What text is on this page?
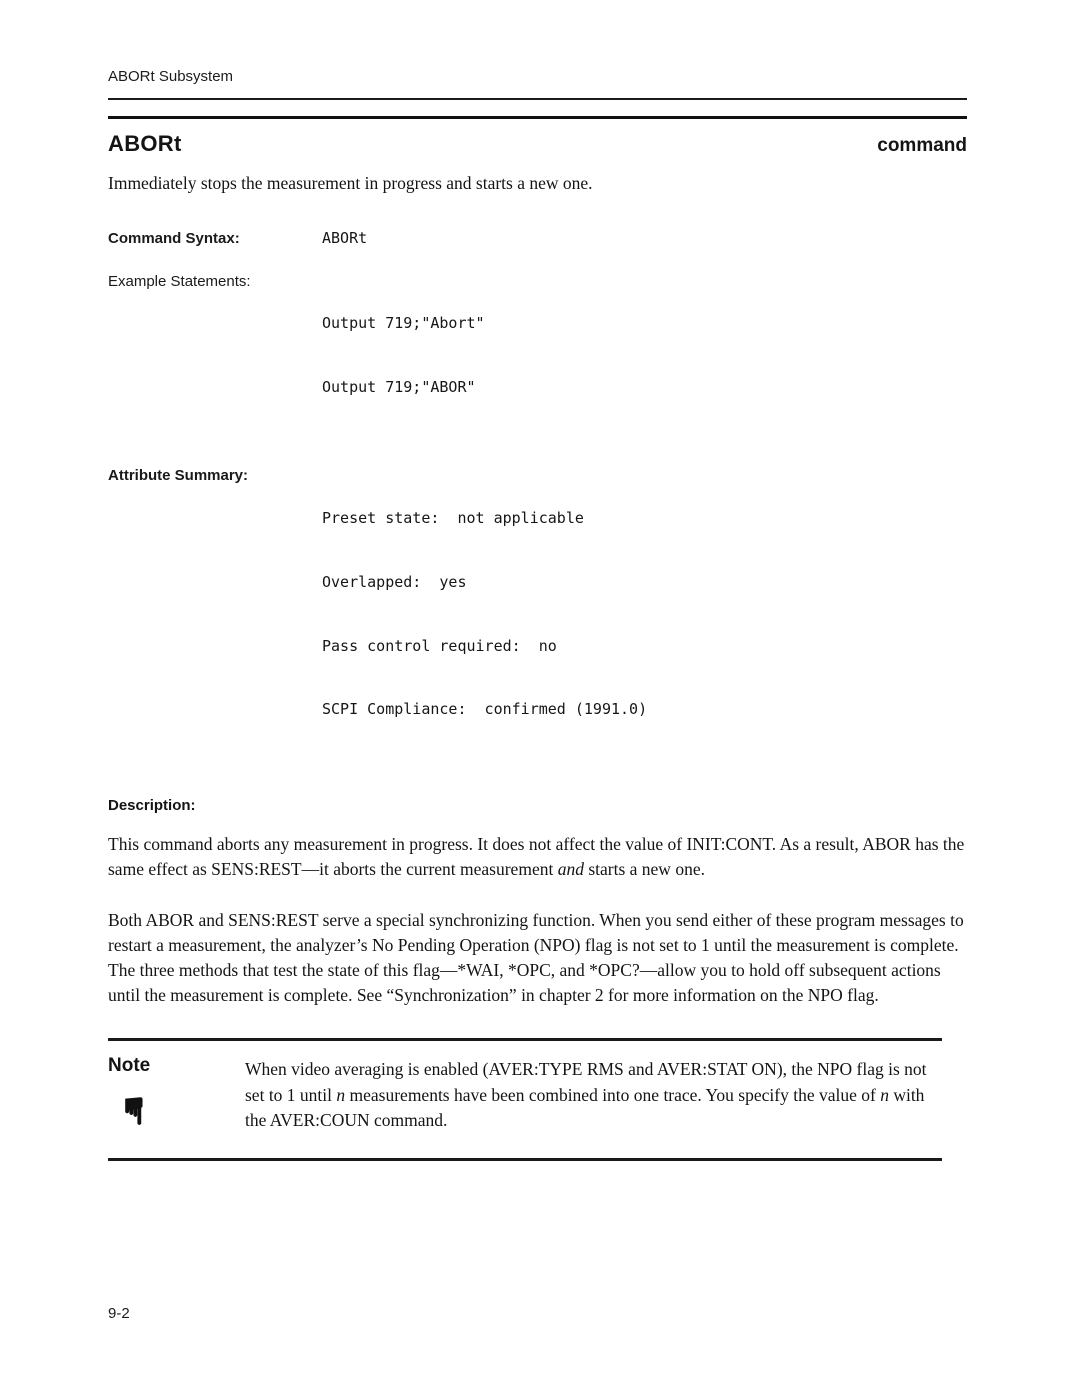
ABORt Subsystem
ABORt	command

Immediately stops the measurement in progress and starts a new one.

Command Syntax:	ABORt
Example Statements:

Output 719;"Abort"

Output 719;"ABOR"

Attribute Summary:

Preset state:  not applicable

Overlapped:  yes

Pass control required:  no

SCPI Compliance:  confirmed (1991.0)

Description:

This command aborts any measurement in progress. It does not affect the value of INIT:CONT. As a result, ABOR has the same effect as SENS:REST—it aborts the current measurement and starts a new one.

Both ABOR and SENS:REST serve a special synchronizing function. When you send either of these program messages to restart a measurement, the analyzer’s No Pending Operation (NPO) flag is not set to 1 until the measurement is complete. The three methods that test the state of this flag—*WAI, *OPC, and *OPC?—allow you to hold off subsequent actions until the measurement is complete. See “Synchronization” in chapter 2 for more information on the NPO flag.

Note
☛
When video averaging is enabled (AVER:TYPE RMS and AVER:STAT ON), the NPO flag is not set to 1 until n measurements have been combined into one trace. You specify the value of n with the AVER:COUN command.
9-2
